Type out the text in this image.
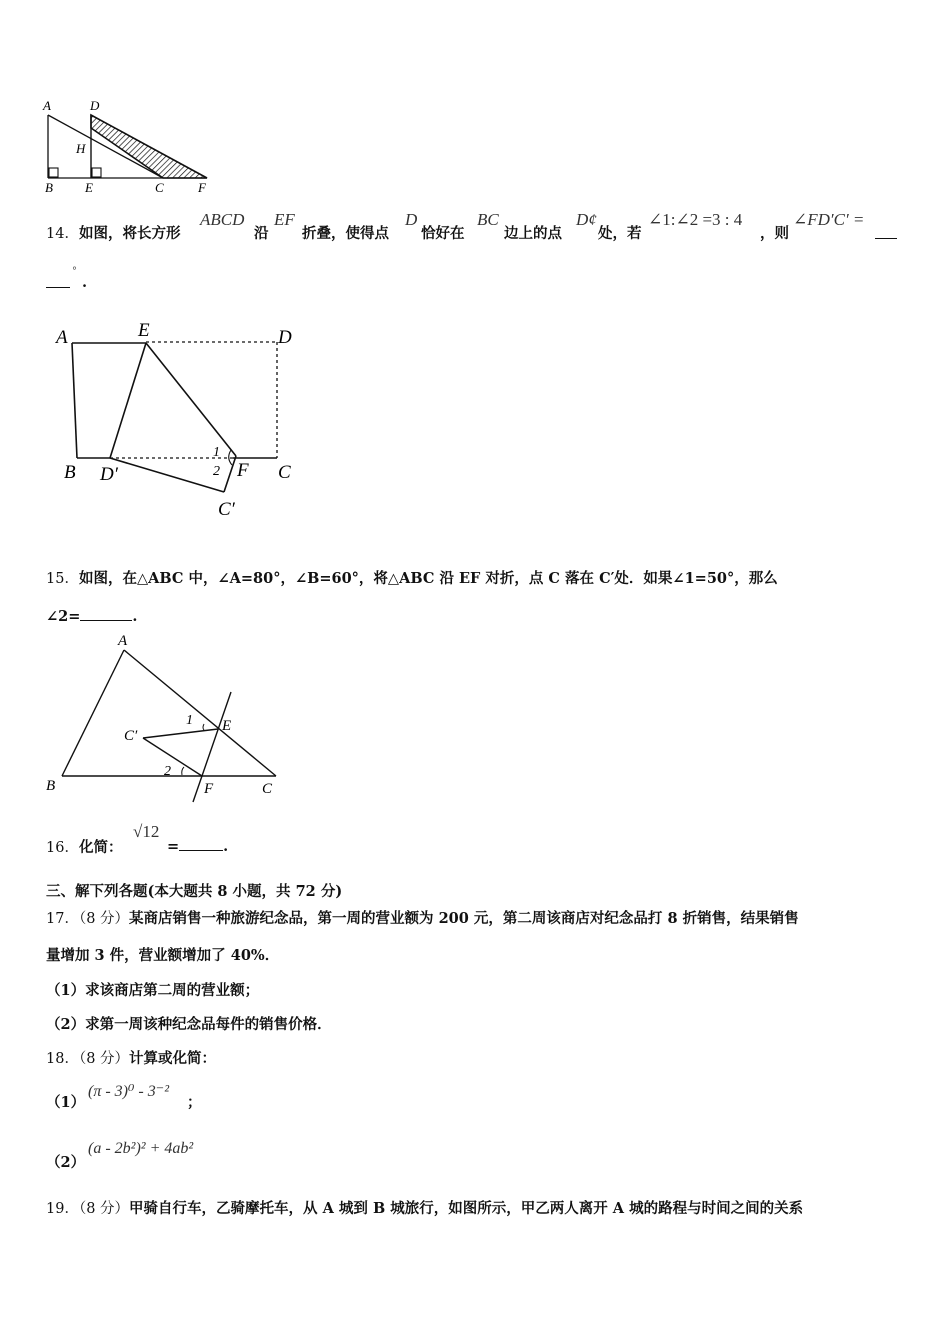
A	D
H
B E	C	F
14．如图，将长方形
ABCD
沿
EF
折叠，使得点
D
恰好在
BC
边上的点
D¢
处，若
∠1:∠2 =3 : 4
，则
∠FD′C′ =
°
.
A	E	D
B D′	F C
C′
1
2
15．如图，在△ABC 中，∠A=80°，∠B=60°，将△ABC 沿 EF 对折，点 C 落在 C′处．如果∠1=50°，那么
∠2=	.
A
B	C
E
F
C′
1
2
16．化简：
√12
=	.
三、解下列各题(本大题共 8 小题，共 72 分)
17．（8 分）某商店销售一种旅游纪念品，第一周的营业额为 200 元，第二周该商店对纪念品打 8 折销售，结果销售
量增加 3 件，营业额增加了 40%．
（1）求该商店第二周的营业额；
（2）求第一周该种纪念品每件的销售价格．
18．（8 分）计算或化简：
（1）
(π - 3)⁰ - 3⁻²
；
（2）
(a - 2b²)² + 4ab²
19．（8 分）甲骑自行车，乙骑摩托车，从 A 城到 B 城旅行，如图所示，甲乙两人离开 A 城的路程与时间之间的关系
